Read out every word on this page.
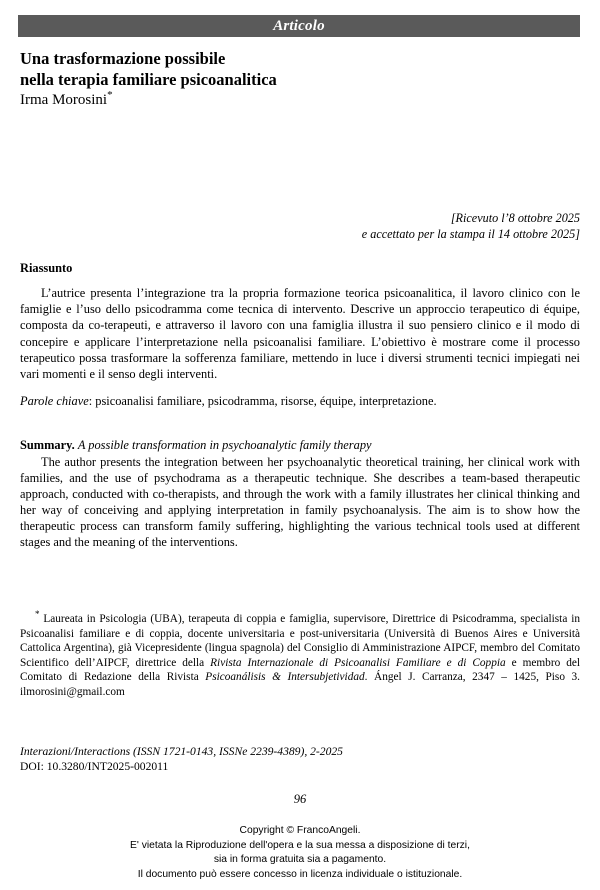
Articolo
Una trasformazione possibile
nella terapia familiare psicoanalitica
Irma Morosini*
[Ricevuto l’8 ottobre 2025
e accettato per la stampa il 14 ottobre 2025]
Riassunto

L’autrice presenta l’integrazione tra la propria formazione teorica psicoanalitica, il lavoro clinico con le famiglie e l’uso dello psicodramma come tecnica di intervento. Descrive un approccio terapeutico di équipe, composta da co-terapeuti, e attraverso il lavoro con una famiglia illustra il suo pensiero clinico e il modo di concepire e applicare l’interpretazione nella psicoanalisi familiare. L’obiettivo è mostrare come il processo terapeutico possa trasformare la sofferenza familiare, mettendo in luce i diversi strumenti tecnici impiegati nei vari momenti e il senso degli interventi.

Parole chiave: psicoanalisi familiare, psicodramma, risorse, équipe, interpretazione.

Summary. A possible transformation in psychoanalytic family therapy

The author presents the integration between her psychoanalytic theoretical training, her clinical work with families, and the use of psychodrama as a therapeutic technique. She describes a team-based therapeutic approach, conducted with co-therapists, and through the work with a family illustrates her clinical thinking and her way of conceiving and applying interpretation in family psychoanalysis. The aim is to show how the therapeutic process can transform family suffering, highlighting the various technical tools used at different stages and the meaning of the interventions.

* Laureata in Psicologia (UBA), terapeuta di coppia e famiglia, supervisore, Direttrice di Psicodramma, specialista in Psicoanalisi familiare e di coppia, docente universitaria e post-universitaria (Università di Buenos Aires e Università Cattolica Argentina), già Vicepresidente (lingua spagnola) del Consiglio di Amministrazione AIPCF, membro del Comitato Scientifico dell’AIPCF, direttrice della Rivista Internazionale di Psicoanalisi Familiare e di Coppia e membro del Comitato di Redazione della Rivista Psicoanálisis & Intersubjetividad. Ángel J. Carranza, 2347 – 1425, Piso 3. ilmorosini@gmail.com
Interazioni/Interactions (ISSN 1721-0143, ISSNe 2239-4389), 2-2025
DOI: 10.3280/INT2025-002011
96
Copyright © FrancoAngeli.
E' vietata la Riproduzione dell'opera e la sua messa a disposizione di terzi,
sia in forma gratuita sia a pagamento.
Il documento può essere concesso in licenza individuale o istituzionale.
